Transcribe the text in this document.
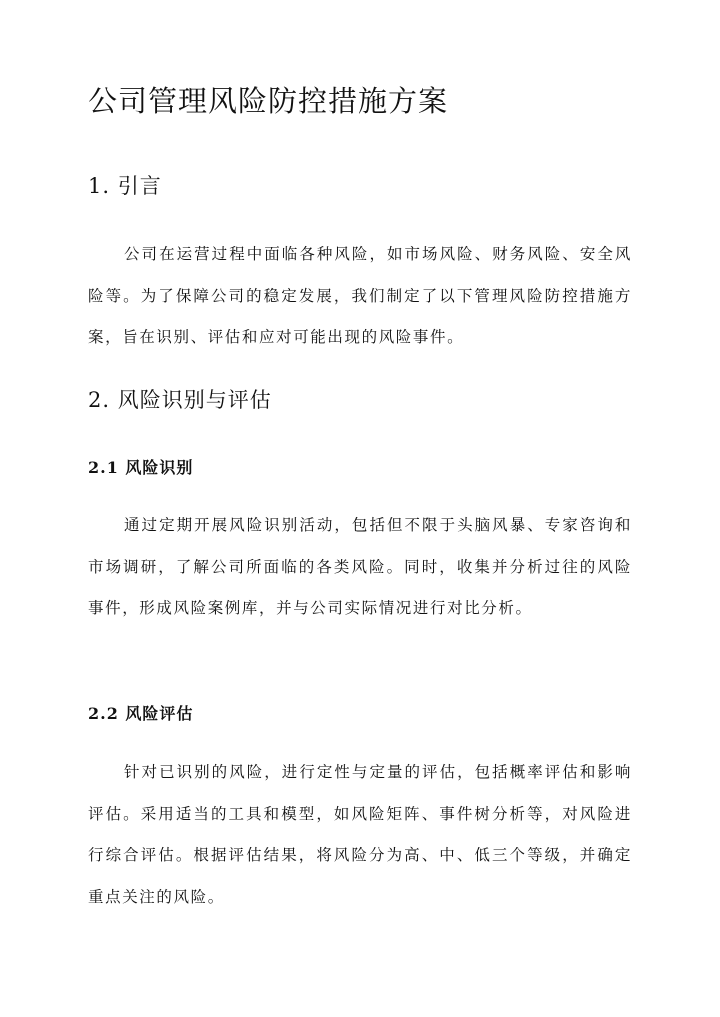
公司管理风险防控措施方案
1. 引言

公司在运营过程中面临各种风险，如市场风险、财务风险、安全风险等。为了保障公司的稳定发展，我们制定了以下管理风险防控措施方案，旨在识别、评估和应对可能出现的风险事件。

2. 风险识别与评估
2.1 风险识别

通过定期开展风险识别活动，包括但不限于头脑风暴、专家咨询和市场调研，了解公司所面临的各类风险。同时，收集并分析过往的风险事件，形成风险案例库，并与公司实际情况进行对比分析。

2.2 风险评估

针对已识别的风险，进行定性与定量的评估，包括概率评估和影响评估。采用适当的工具和模型，如风险矩阵、事件树分析等，对风险进行综合评估。根据评估结果，将风险分为高、中、低三个等级，并确定重点关注的风险。
